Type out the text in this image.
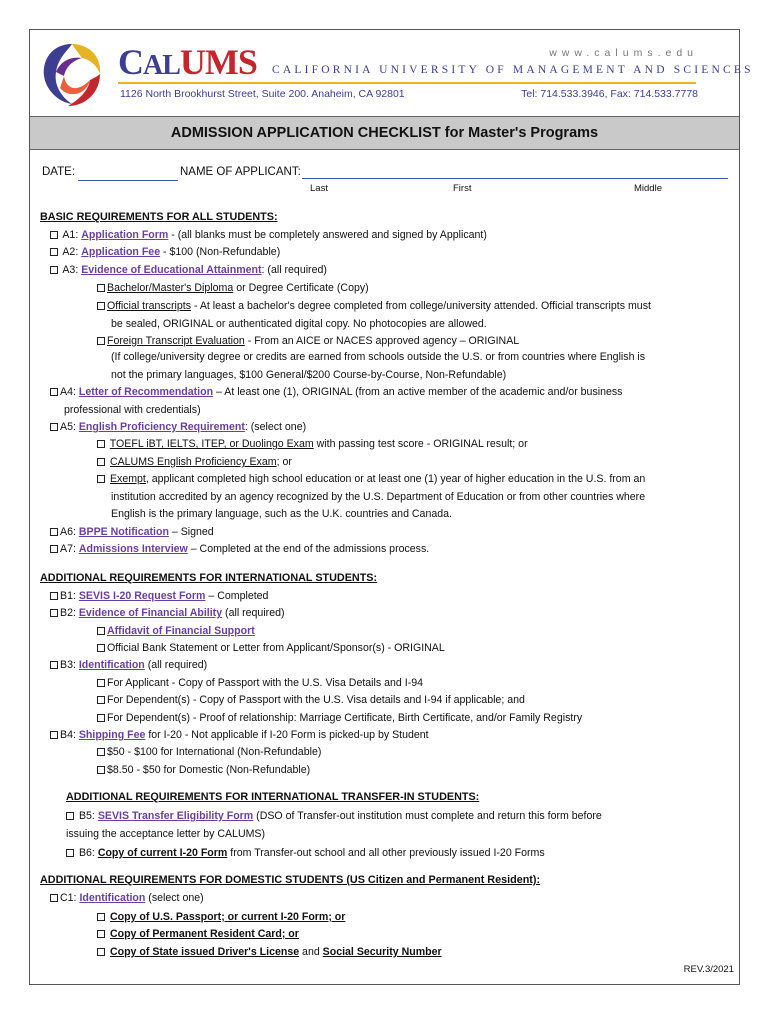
CALUMS	www.calums.edu
CALIFORNIA UNIVERSITY OF MANAGEMENT AND SCIENCES
1126 North Brookhurst Street, Suite 200. Anaheim, CA 92801	Tel: 714.533.3946, Fax: 714.533.7778
ADMISSION APPLICATION CHECKLIST for Master's Programs
DATE:	NAME OF APPLICANT:
Last	First	Middle
BASIC REQUIREMENTS FOR ALL STUDENTS:
A1: Application Form - (all blanks must be completely answered and signed by Applicant)
A2: Application Fee - $100 (Non-Refundable)
A3: Evidence of Educational Attainment: (all required)
Bachelor/Master's Diploma or Degree Certificate (Copy)
Official transcripts - At least a bachelor's degree completed from college/university attended. Official transcripts must
be sealed, ORIGINAL or authenticated digital copy. No photocopies are allowed.
Foreign Transcript Evaluation - From an AICE or NACES approved agency – ORIGINAL
(If college/university degree or credits are earned from schools outside the U.S. or from countries where English is
not the primary languages, $100 General/$200 Course-by-Course, Non-Refundable)
A4: Letter of Recommendation – At least one (1), ORIGINAL (from an active member of the academic and/or business
professional with credentials)
A5: English Proficiency Requirement: (select one)
TOEFL iBT, IELTS, ITEP, or Duolingo Exam with passing test score - ORIGINAL result; or
CALUMS English Proficiency Exam; or
Exempt, applicant completed high school education or at least one (1) year of higher education in the U.S. from an
institution accredited by an agency recognized by the U.S. Department of Education or from other countries where
English is the primary language, such as the U.K. countries and Canada.
A6: BPPE Notification – Signed
A7: Admissions Interview – Completed at the end of the admissions process.
ADDITIONAL REQUIREMENTS FOR INTERNATIONAL STUDENTS:
B1: SEVIS I-20 Request Form – Completed
B2: Evidence of Financial Ability (all required)
Affidavit of Financial Support
Official Bank Statement or Letter from Applicant/Sponsor(s) - ORIGINAL
B3: Identification (all required)
For Applicant - Copy of Passport with the U.S. Visa Details and I-94
For Dependent(s) - Copy of Passport with the U.S. Visa details and I-94 if applicable; and
For Dependent(s) - Proof of relationship: Marriage Certificate, Birth Certificate, and/or Family Registry
B4: Shipping Fee for I-20 - Not applicable if I-20 Form is picked-up by Student
$50 - $100 for International (Non-Refundable)
$8.50 - $50 for Domestic (Non-Refundable)
ADDITIONAL REQUIREMENTS FOR INTERNATIONAL TRANSFER-IN STUDENTS:
B5: SEVIS Transfer Eligibility Form (DSO of Transfer-out institution must complete and return this form before
issuing the acceptance letter by CALUMS)
B6: Copy of current I-20 Form from Transfer-out school and all other previously issued I-20 Forms
ADDITIONAL REQUIREMENTS FOR DOMESTIC STUDENTS (US Citizen and Permanent Resident):
C1: Identification (select one)
Copy of U.S. Passport; or current I-20 Form; or
Copy of Permanent Resident Card; or
Copy of State issued Driver's License and Social Security Number
REV.3/2021
